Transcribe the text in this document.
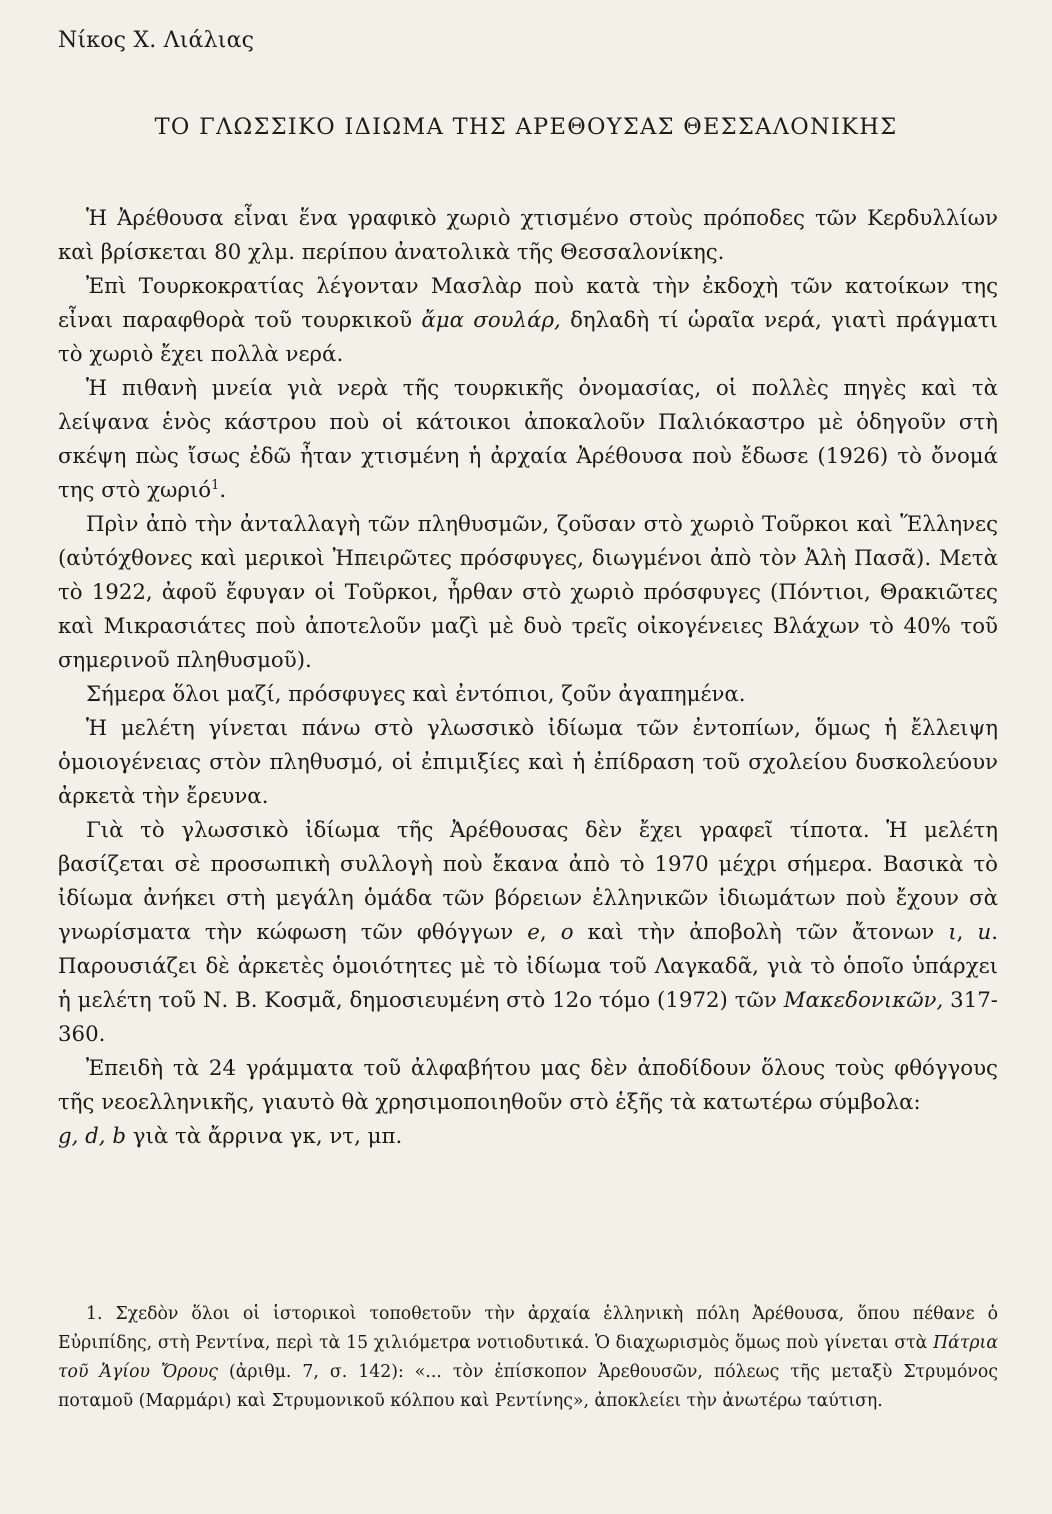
Νίκος Χ. Λιάλιας
ΤΟ ΓΛΩΣΣΙΚΟ ΙΔΙΩΜΑ ΤΗΣ ΑΡΕΘΟΥΣΑΣ ΘΕΣΣΑΛΟΝΙΚΗΣ

Ἡ Ἀρέθουσα εἶναι ἕνα γραφικὸ χωριὸ χτισμένο στοὺς πρόποδες τῶν Κερδυλλίων καὶ βρίσκεται 80 χλμ. περίπου ἀνατολικὰ τῆς Θεσσαλονίκης.

Ἐπὶ Τουρκοκρατίας λέγονταν Μασλὰρ ποὺ κατὰ τὴν ἐκδοχὴ τῶν κατοίκων της εἶναι παραφθορὰ τοῦ τουρκικοῦ ἄμα σουλάρ, δηλαδὴ τί ὡραῖα νερά, γιατὶ πράγματι τὸ χωριὸ ἔχει πολλὰ νερά.

Ἡ πιθανὴ μνεία γιὰ νερὰ τῆς τουρκικῆς ὀνομασίας, οἱ πολλὲς πηγὲς καὶ τὰ λείψανα ἑνὸς κάστρου ποὺ οἱ κάτοικοι ἀποκαλοῦν Παλιόκαστρο μὲ ὁδηγοῦν στὴ σκέψη πὼς ἴσως ἐδῶ ἦταν χτισμένη ἡ ἀρχαία Ἀρέθουσα ποὺ ἔδωσε (1926) τὸ ὄνομά της στὸ χωριό$^1$.

Πρὶν ἀπὸ τὴν ἀνταλλαγὴ τῶν πληθυσμῶν, ζοῦσαν στὸ χωριὸ Τοῦρκοι καὶ Ἕλληνες (αὐτόχθονες καὶ μερικοὶ Ἠπειρῶτες πρόσφυγες, διωγμένοι ἀπὸ τὸν Ἀλὴ Πασᾶ). Μετὰ τὸ 1922, ἀφοῦ ἔφυγαν οἱ Τοῦρκοι, ἦρθαν στὸ χωριὸ πρόσφυγες (Πόντιοι, Θρακιῶτες καὶ Μικρασιάτες ποὺ ἀποτελοῦν μαζὶ μὲ δυὸ τρεῖς οἰκογένειες Βλάχων τὸ 40% τοῦ σημερινοῦ πληθυσμοῦ).

Σήμερα ὅλοι μαζί, πρόσφυγες καὶ ἐντόπιοι, ζοῦν ἀγαπημένα.

Ἡ μελέτη γίνεται πάνω στὸ γλωσσικὸ ἰδίωμα τῶν ἐντοπίων, ὅμως ἡ ἔλλειψη ὁμοιογένειας στὸν πληθυσμό, οἱ ἐπιμιξίες καὶ ἡ ἐπίδραση τοῦ σχολείου δυσκολεύουν ἀρκετὰ τὴν ἔρευνα.

Γιὰ τὸ γλωσσικὸ ἰδίωμα τῆς Ἀρέθουσας δὲν ἔχει γραφεῖ τίποτα. Ἡ μελέτη βασίζεται σὲ προσωπικὴ συλλογὴ ποὺ ἔκανα ἀπὸ τὸ 1970 μέχρι σήμερα. Βασικὰ τὸ ἰδίωμα ἀνήκει στὴ μεγάλη ὁμάδα τῶν βόρειων ἑλληνικῶν ἰδιωμάτων ποὺ ἔχουν σὰ γνωρίσματα τὴν κώφωση τῶν φθόγγων e, o καὶ τὴν ἀποβολὴ τῶν ἄτονων ι, u. Παρουσιάζει δὲ ἀρκετὲς ὁμοιότητες μὲ τὸ ἰδίωμα τοῦ Λαγκαδᾶ, γιὰ τὸ ὁποῖο ὑπάρχει ἡ μελέτη τοῦ Ν. Β. Κοσμᾶ, δημοσιευμένη στὸ 12ο τόμο (1972) τῶν Μακεδονικῶν, 317-360.

Ἐπειδὴ τὰ 24 γράμματα τοῦ ἀλφαβήτου μας δὲν ἀποδίδουν ὅλους τοὺς φθόγγους τῆς νεοελληνικῆς, γιαυτὸ θὰ χρησιμοποιηθοῦν στὸ ἑξῆς τὰ κατωτέρω σύμβολα:

g, d, b γιὰ τὰ ἄρρινα γκ, ντ, μπ.

1. Σχεδὸν ὅλοι οἱ ἱστορικοὶ τοποθετοῦν τὴν ἀρχαία ἑλληνικὴ πόλη Ἀρέθουσα, ὅπου πέθανε ὁ Εὐριπίδης, στὴ Ρεντίνα, περὶ τὰ 15 χιλιόμετρα νοτιοδυτικά. Ὁ διαχωρισμὸς ὅμως ποὺ γίνεται στὰ Πάτρια τοῦ Ἁγίου Ὄρους (ἀριθμ. 7, σ. 142): «... τὸν ἐπίσκοπον Ἀρεθουσῶν, πόλεως τῆς μεταξὺ Στρυμόνος ποταμοῦ (Μαρμάρι) καὶ Στρυμονικοῦ κόλπου καὶ Ρεντίνης», ἀποκλείει τὴν ἀνωτέρω ταύτιση.
